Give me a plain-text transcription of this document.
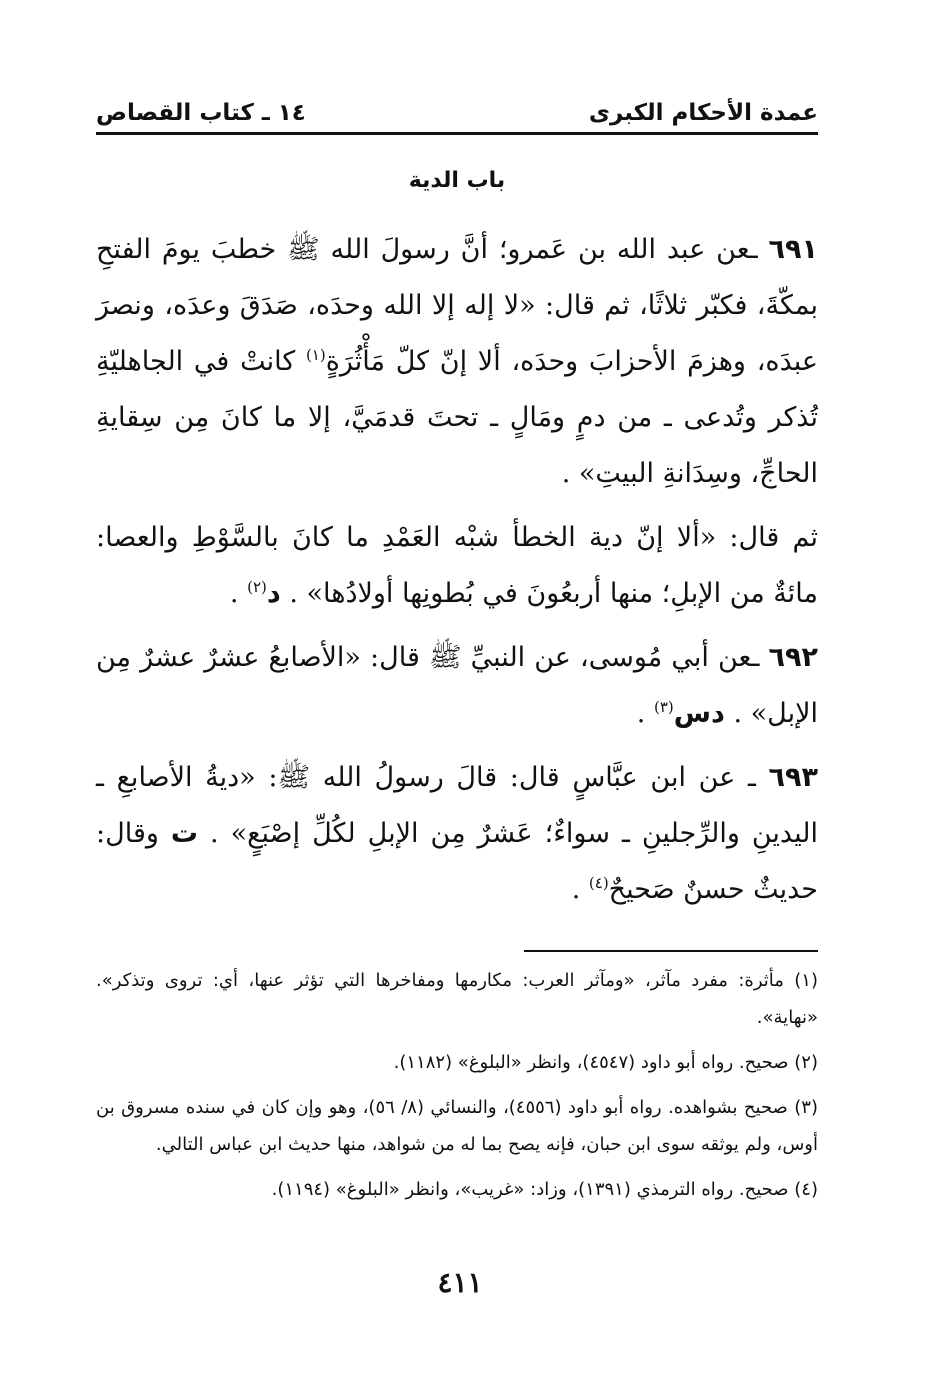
عمدة الأحكام الكبرى
١٤ ـ كتاب القصاص
باب الدية

٦٩١ ـعن عبد الله بن عَمرو؛ أنَّ رسولَ الله ﷺ خطبَ يومَ الفتحِ بمكّةَ، فكبّر ثلاثًا، ثم قال: «لا إله إلا الله وحدَه، صَدَقَ وعدَه، ونصرَ عبدَه، وهزمَ الأحزابَ وحدَه، ألا إنّ كلّ مَأْثُرَةٍ$^{(١)}$ كانتْ في الجاهليّةِ تُذكر وتُدعى ـ من دمٍ ومَالٍ ـ تحتَ قدمَيَّ، إلا ما كانَ مِن سِقايةِ الحاجِّ، وسِدَانةِ البيتِ» .

ثم قال: «ألا إنّ دية الخطأ شبْه العَمْدِ ما كانَ بالسَّوْطِ والعصا: مائةٌ من الإبلِ؛ منها أربعُونَ في بُطونِها أولادُها» . د$^{(٢)}$ .

٦٩٢ ـعن أبي مُوسى، عن النبيِّ ﷺ قال: «الأصابعُ عشرٌ عشرٌ مِن الإبل» . دس$^{(٣)}$ .

٦٩٣ ـ عن ابن عبَّاسٍ قال: قالَ رسولُ الله ﷺ: «ديةُ الأصابعِ ـ اليدينِ والرِّجلينِ ـ سواءٌ؛ عَشرٌ مِن الإبلِ لكُلِّ إصْبَعٍ» . ت وقال: حديثٌ حسنٌ صَحيحٌ$^{(٤)}$ .

(١) مأثرة: مفرد مآثر، «ومآثر العرب: مكارمها ومفاخرها التي تؤثر عنها، أي: تروى وتذكر». «نهاية».

(٢) صحيح. رواه أبو داود (٤٥٤٧)، وانظر «البلوغ» (١١٨٢).

(٣) صحيح بشواهده. رواه أبو داود (٤٥٥٦)، والنسائي (٨/ ٥٦)، وهو وإن كان في سنده مسروق بن أوس، ولم يوثقه سوى ابن حبان، فإنه يصح بما له من شواهد، منها حديث ابن عباس التالي.

(٤) صحيح. رواه الترمذي (١٣٩١)، وزاد: «غريب»، وانظر «البلوغ» (١١٩٤).

٤١١
